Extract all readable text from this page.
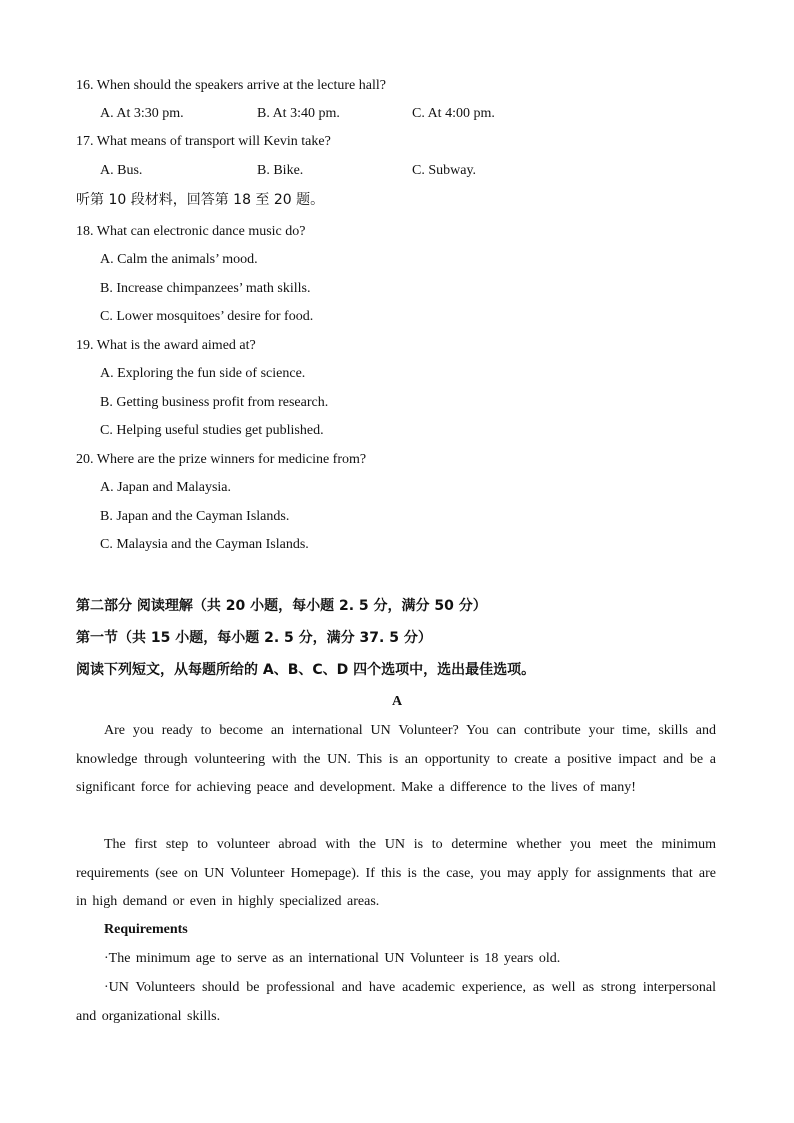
16. When should the speakers arrive at the lecture hall?
A. At 3:30 pm.	B. At 3:40 pm.	C. At 4:00 pm.
17. What means of transport will Kevin take?
A. Bus.	B. Bike.	C. Subway.
听第 10 段材料，回答第 18 至 20 题。
18. What can electronic dance music do?
A. Calm the animals’ mood.
B. Increase chimpanzees’ math skills.
C. Lower mosquitoes’ desire for food.
19. What is the award aimed at?
A. Exploring the fun side of science.
B. Getting business profit from research.
C. Helping useful studies get published.
20. Where are the prize winners for medicine from?
A. Japan and Malaysia.
B. Japan and the Cayman Islands.
C. Malaysia and the Cayman Islands.
第二部分 阅读理解（共 20 小题，每小题 2. 5 分，满分 50 分）
第一节（共 15 小题，每小题 2. 5 分，满分 37. 5 分）
阅读下列短文，从每题所给的 A、B、C、D 四个选项中，选出最佳选项。
A
Are you ready to become an international UN Volunteer? You can contribute your time, skills and knowledge through volunteering with the UN. This is an opportunity to create a positive impact and be a significant force for achieving peace and development. Make a difference to the lives of many!
The first step to volunteer abroad with the UN is to determine whether you meet the minimum requirements (see on UN Volunteer Homepage). If this is the case, you may apply for assignments that are in high demand or even in highly specialized areas.
Requirements
·The minimum age to serve as an international UN Volunteer is 18 years old.
·UN Volunteers should be professional and have academic experience, as well as strong interpersonal and organizational skills.
